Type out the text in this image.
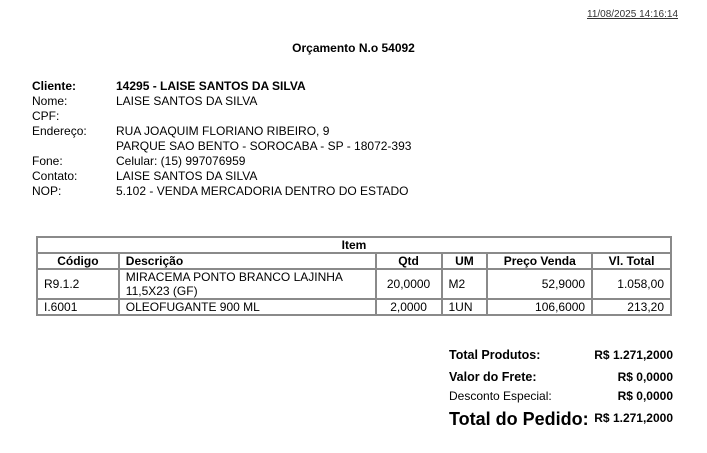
11/08/2025 14:16:14
Orçamento N.o 54092
Cliente:	14295 - LAISE SANTOS DA SILVA
Nome:	LAISE SANTOS DA SILVA
CPF:
Endereço:	RUA JOAQUIM FLORIANO RIBEIRO, 9
PARQUE SAO BENTO - SOROCABA - SP - 18072-393
Fone:	Celular: (15) 997076959
Contato:	LAISE SANTOS DA SILVA
NOP:	5.102 - VENDA MERCADORIA DENTRO DO ESTADO
Item					
Código	Descrição	Qtd	UM	Preço Venda	Vl. Total
R9.1.2	MIRACEMA PONTO BRANCO LAJINHA 11,5X23 (GF)	20,0000	M2	52,9000	1.058,00
I.6001	OLEOFUGANTE 900 ML	2,0000	1UN	106,6000	213,20
Total Produtos:	R$ 1.271,2000
Valor do Frete:	R$ 0,0000
Desconto Especial:	R$ 0,0000
Total do Pedido: R$ 1.271,2000
